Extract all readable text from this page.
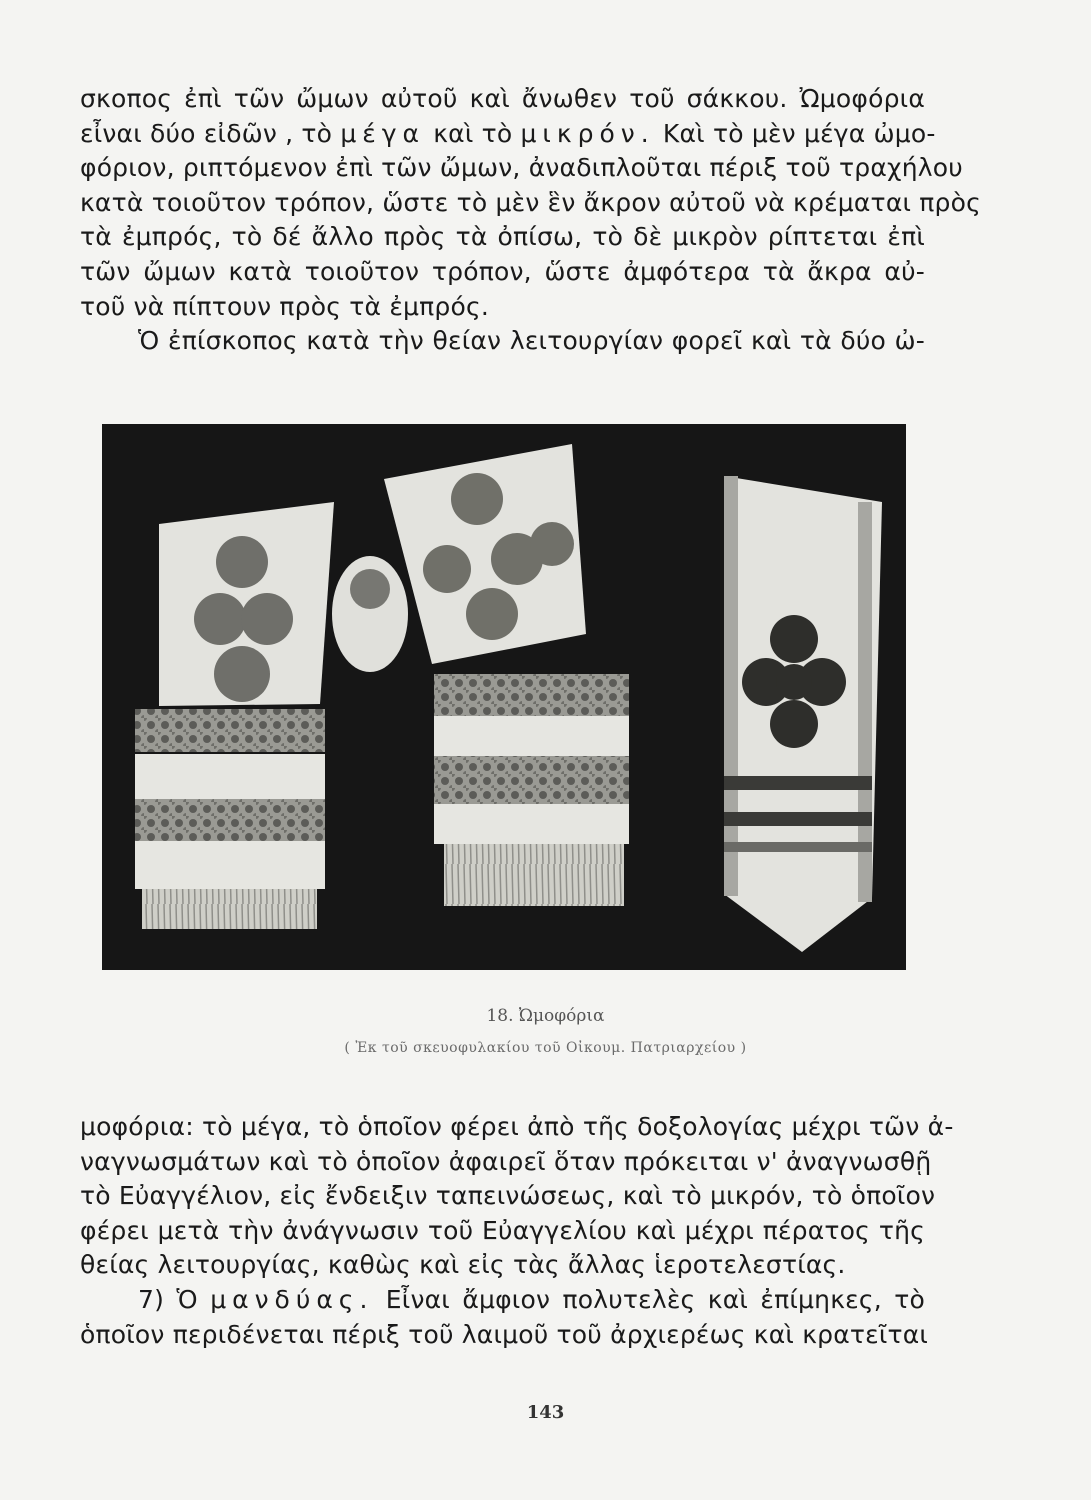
σκοπος ἐπὶ τῶν ὤμων αὐτοῦ καὶ ἄνωθεν τοῦ σάκκου. Ὠμοφόρια
εἶναι δύο εἰδῶν , τὸ μέγα καὶ τὸ μικρόν. Καὶ τὸ μὲν μέγα ὠμο-
φόριον, ριπτόμενον ἐπὶ τῶν ὤμων, ἀναδιπλοῦται πέριξ τοῦ τραχήλου
κατὰ τοιοῦτον τρόπον, ὥστε τὸ μὲν ἓν ἄκρον αὐτοῦ νὰ κρέμαται πρὸς
τὰ ἐμπρός, τὸ δέ ἄλλο πρὸς τὰ ὀπίσω, τὸ δὲ μικρὸν ρίπτεται ἐπὶ
τῶν ὤμων κατὰ τοιοῦτον τρόπον, ὥστε ἀμφότερα τὰ ἄκρα αὐ-
τοῦ νὰ πίπτουν πρὸς τὰ ἐμπρός.
Ὁ ἐπίσκοπος κατὰ τὴν θείαν λειτουργίαν φορεῖ καὶ τὰ δύο ὠ-
18. Ὠμοφόρια
( Ἐκ τοῦ σκευοφυλακίου τοῦ Οἰκουμ. Πατριαρχείου )
μοφόρια: τὸ μέγα, τὸ ὁποῖον φέρει ἀπὸ τῆς δοξολογίας μέχρι τῶν ἀ-
ναγνωσμάτων καὶ τὸ ὁποῖον ἀφαιρεῖ ὅταν πρόκειται ν' ἀναγνωσθῇ
τὸ Εὐαγγέλιον, εἰς ἔνδειξιν ταπεινώσεως, καὶ τὸ μικρόν, τὸ ὁποῖον
φέρει μετὰ τὴν ἀνάγνωσιν τοῦ Εὐαγγελίου καὶ μέχρι πέρατος τῆς
θείας λειτουργίας, καθὼς καὶ εἰς τὰς ἄλλας ἱεροτελεστίας.
7) Ὁ μανδύας. Εἶναι ἄμφιον πολυτελὲς καὶ ἐπίμηκες, τὸ
ὁποῖον περιδένεται πέριξ τοῦ λαιμοῦ τοῦ ἀρχιερέως καὶ κρατεῖται
143
